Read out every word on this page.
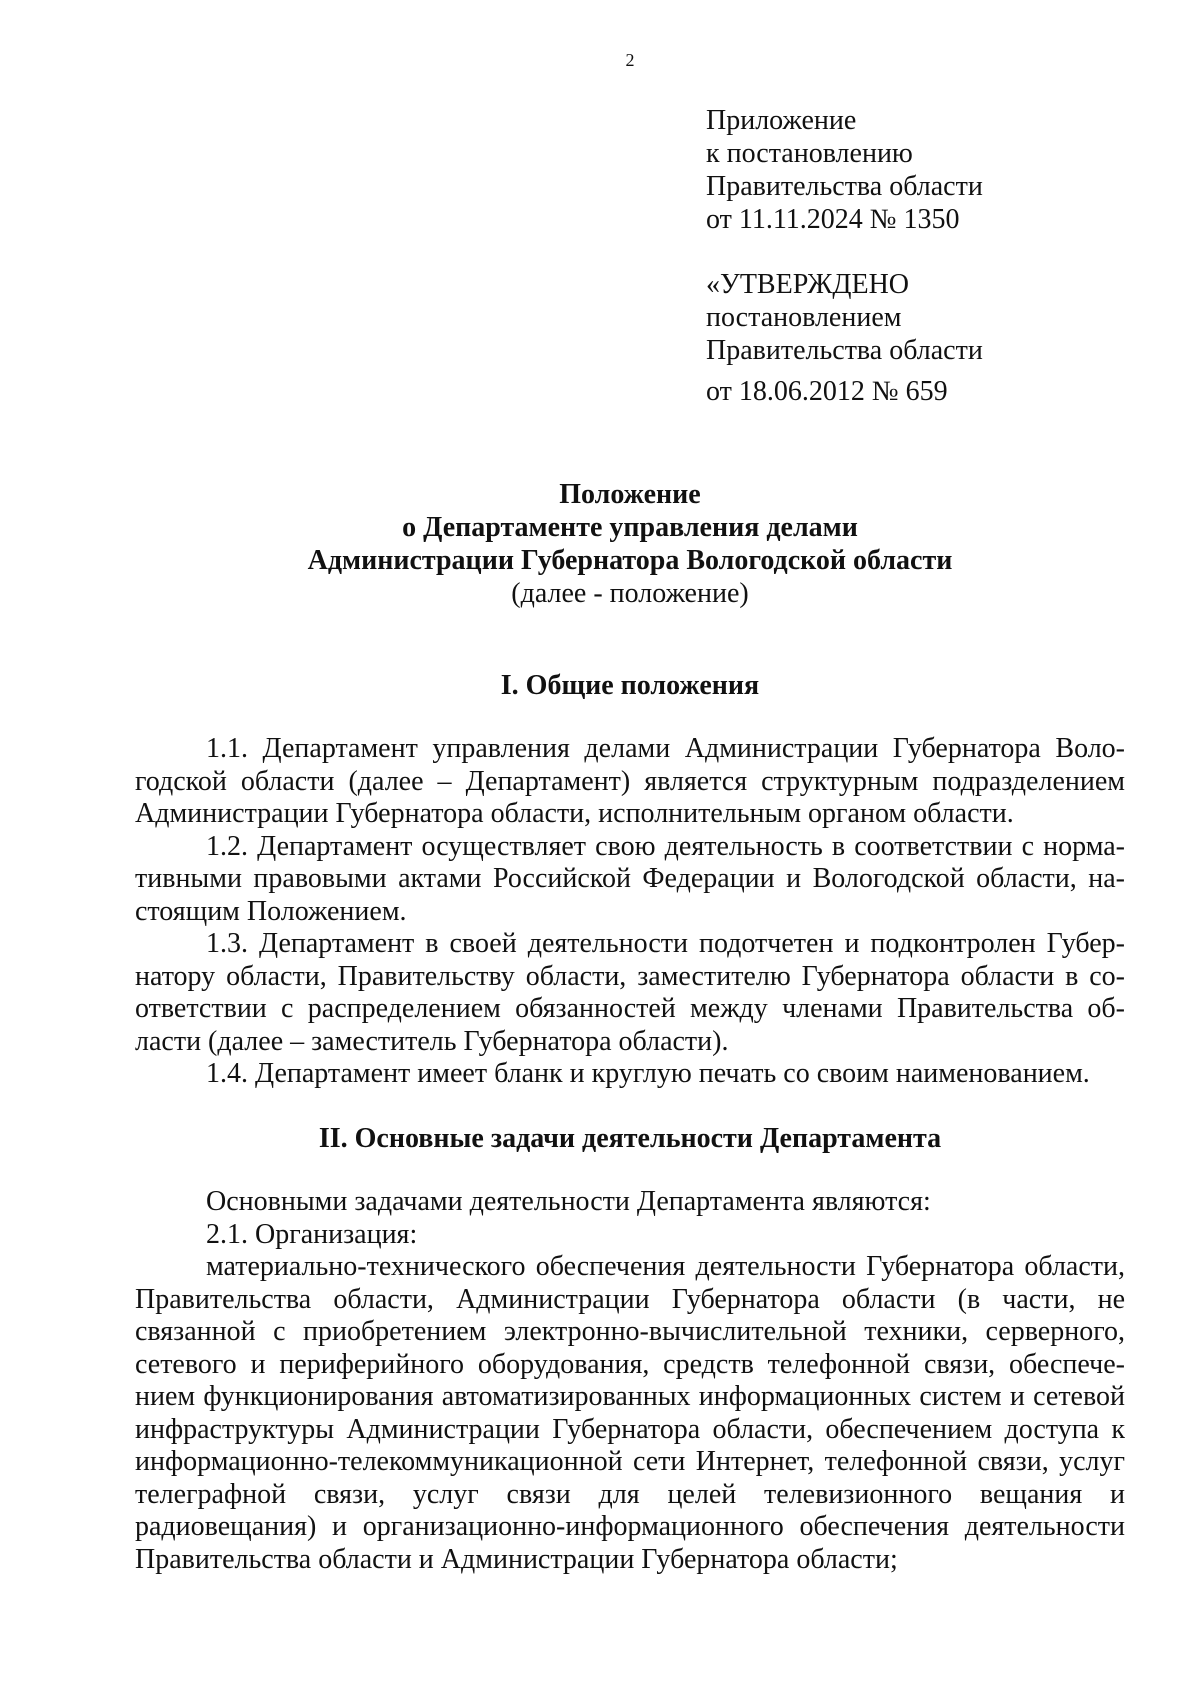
2
Приложение
к постановлению
Правительства области
от 11.11.2024 № 1350
«УТВЕРЖДЕНО
постановлением
Правительства области
от 18.06.2012 № 659
Положение
о Департаменте управления делами
Администрации Губернатора Вологодской области
(далее - положение)
I. Общие положения

1.1. Департамент управления делами Администрации Губернатора Вологодской области (далее – Департамент) является структурным подразделением Администрации Губернатора области, исполнительным органом области.

1.2. Департамент осуществляет свою деятельность в соответствии с нормативными правовыми актами Российской Федерации и Вологодской области, настоящим Положением.

1.3. Департамент в своей деятельности подотчетен и подконтролен Губернатору области, Правительству области, заместителю Губернатора области в соответствии с распределением обязанностей между членами Правительства области (далее – заместитель Губернатора области).

1.4. Департамент имеет бланк и круглую печать со своим наименованием.

II. Основные задачи деятельности Департамента

Основными задачами деятельности Департамента являются:

2.1. Организация:

материально-технического обеспечения деятельности Губернатора области, Правительства области, Администрации Губернатора области (в части, не связанной с приобретением электронно-вычислительной техники, серверного, сетевого и периферийного оборудования, средств телефонной связи, обеспечением функционирования автоматизированных информационных систем и сетевой инфраструктуры Администрации Губернатора области, обеспечением доступа к информационно-телекоммуникационной сети Интернет, телефонной связи, услуг телеграфной связи, услуг связи для целей телевизионного вещания и радиовещания) и организационно-информационного обеспечения деятельности Правительства области и Администрации Губернатора области;
